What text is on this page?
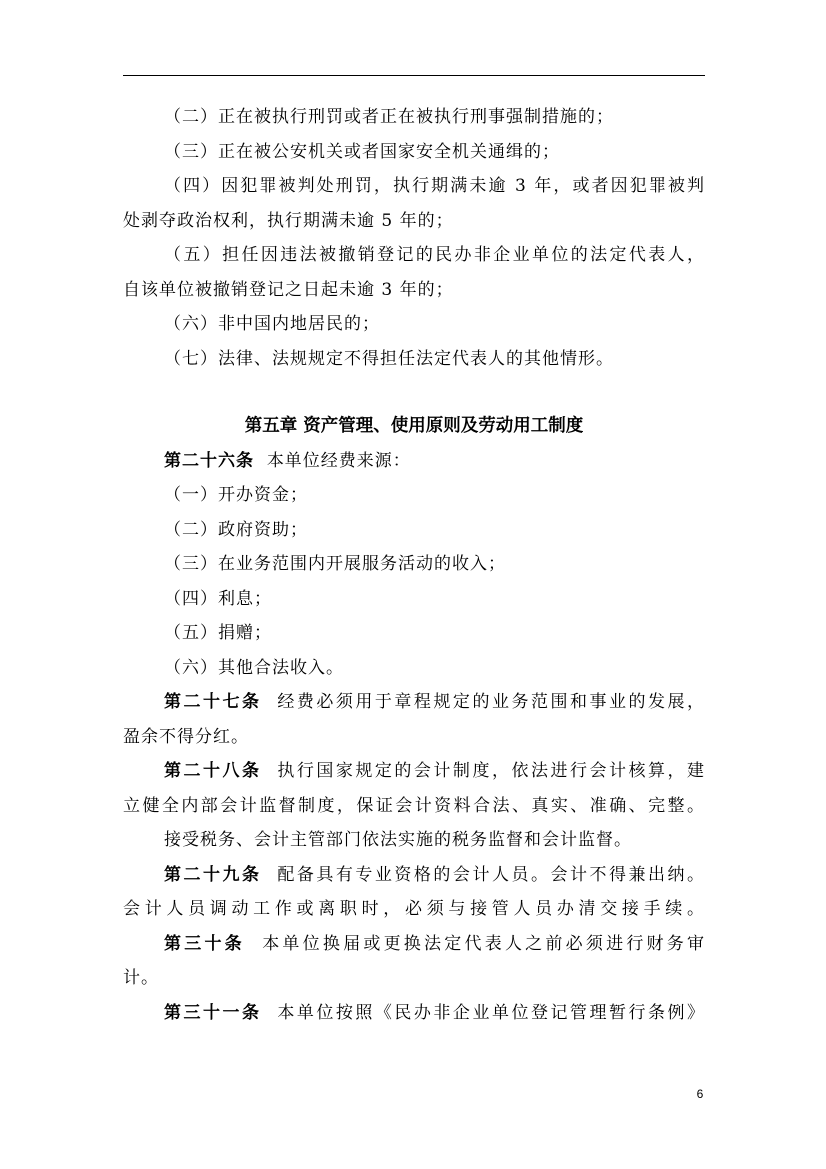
（二）正在被执行刑罚或者正在被执行刑事强制措施的；

（三）正在被公安机关或者国家安全机关通缉的；

（四）因犯罪被判处刑罚，执行期满未逾 3 年，或者因犯罪被判

处剥夺政治权利，执行期满未逾 5 年的；

（五）担任因违法被撤销登记的民办非企业单位的法定代表人，

自该单位被撤销登记之日起未逾 3 年的；

（六）非中国内地居民的；

（七）法律、法规规定不得担任法定代表人的其他情形。

第五章 资产管理、使用原则及劳动用工制度

第二十六条 本单位经费来源：

（一）开办资金；

（二）政府资助；

（三）在业务范围内开展服务活动的收入；

（四）利息；

（五）捐赠；

（六）其他合法收入。

第二十七条 经费必须用于章程规定的业务范围和事业的发展，

盈余不得分红。

第二十八条 执行国家规定的会计制度，依法进行会计核算，建

立健全内部会计监督制度，保证会计资料合法、真实、准确、完整。

接受税务、会计主管部门依法实施的税务监督和会计监督。

第二十九条 配备具有专业资格的会计人员。会计不得兼出纳。

会计人员调动工作或离职时，必须与接管人员办清交接手续。

第三十条 本单位换届或更换法定代表人之前必须进行财务审

计。

第三十一条 本单位按照《民办非企业单位登记管理暂行条例》

6
